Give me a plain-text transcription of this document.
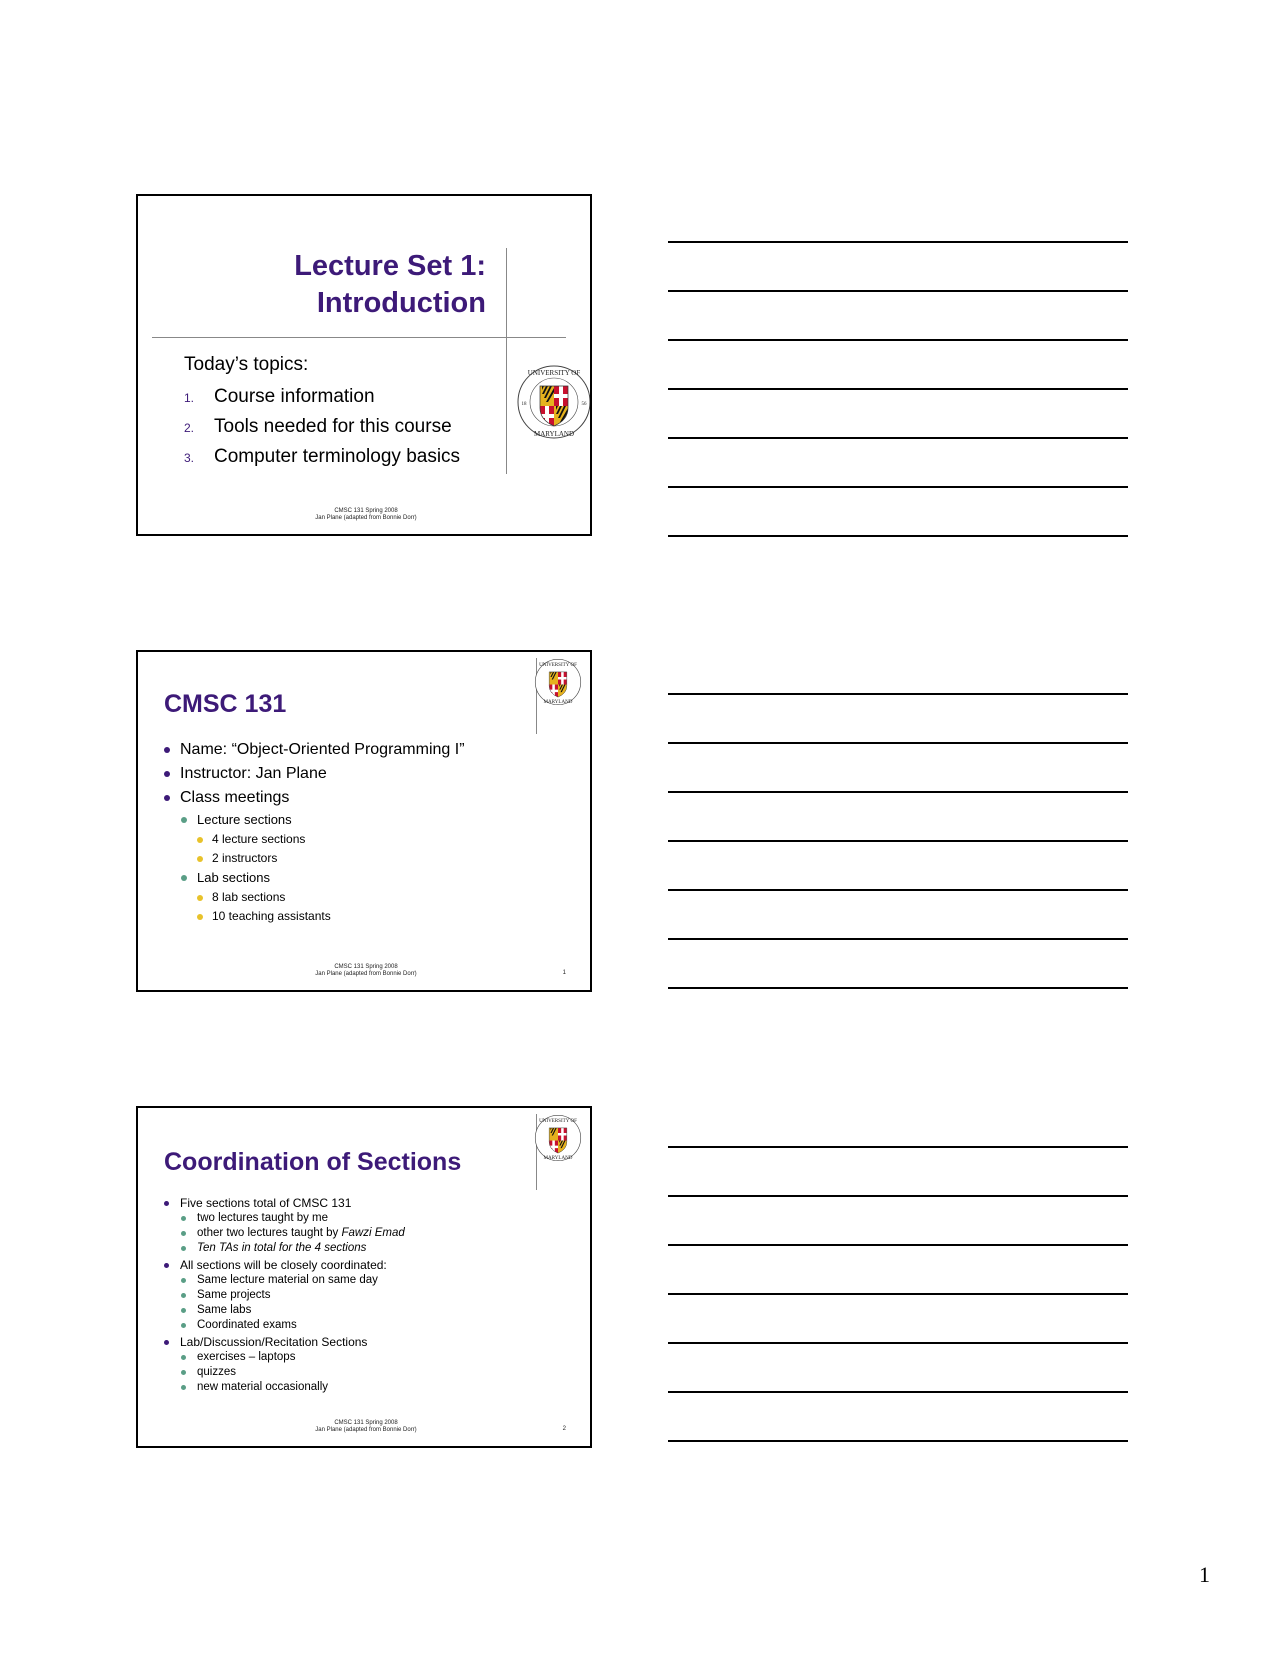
Lecture Set 1:
Introduction
Today’s topics:
1. Course information
2. Tools needed for this course
3. Computer terminology basics
UNIVERSITY OF
MARYLAND
18	56
CMSC 131 Spring 2008
Jan Plane (adapted from Bonnie Dorr)
UNIVERSITY OF
MARYLAND
CMSC 131
Name: “Object-Oriented Programming I”
Instructor: Jan Plane
Class meetings
Lecture sections
4 lecture sections
2 instructors
Lab sections
8 lab sections
10 teaching assistants
CMSC 131 Spring 2008
Jan Plane (adapted from Bonnie Dorr)	1
UNIVERSITY OF
MARYLAND
Coordination of Sections
Five sections total of CMSC 131
two lectures taught by me
other two lectures taught by Fawzi Emad
Ten TAs in total for the 4 sections
All sections will be closely coordinated:
Same lecture material on same day
Same projects
Same labs
Coordinated exams
Lab/Discussion/Recitation Sections
exercises – laptops
quizzes
new material occasionally
CMSC 131 Spring 2008
Jan Plane (adapted from Bonnie Dorr)	2
1
